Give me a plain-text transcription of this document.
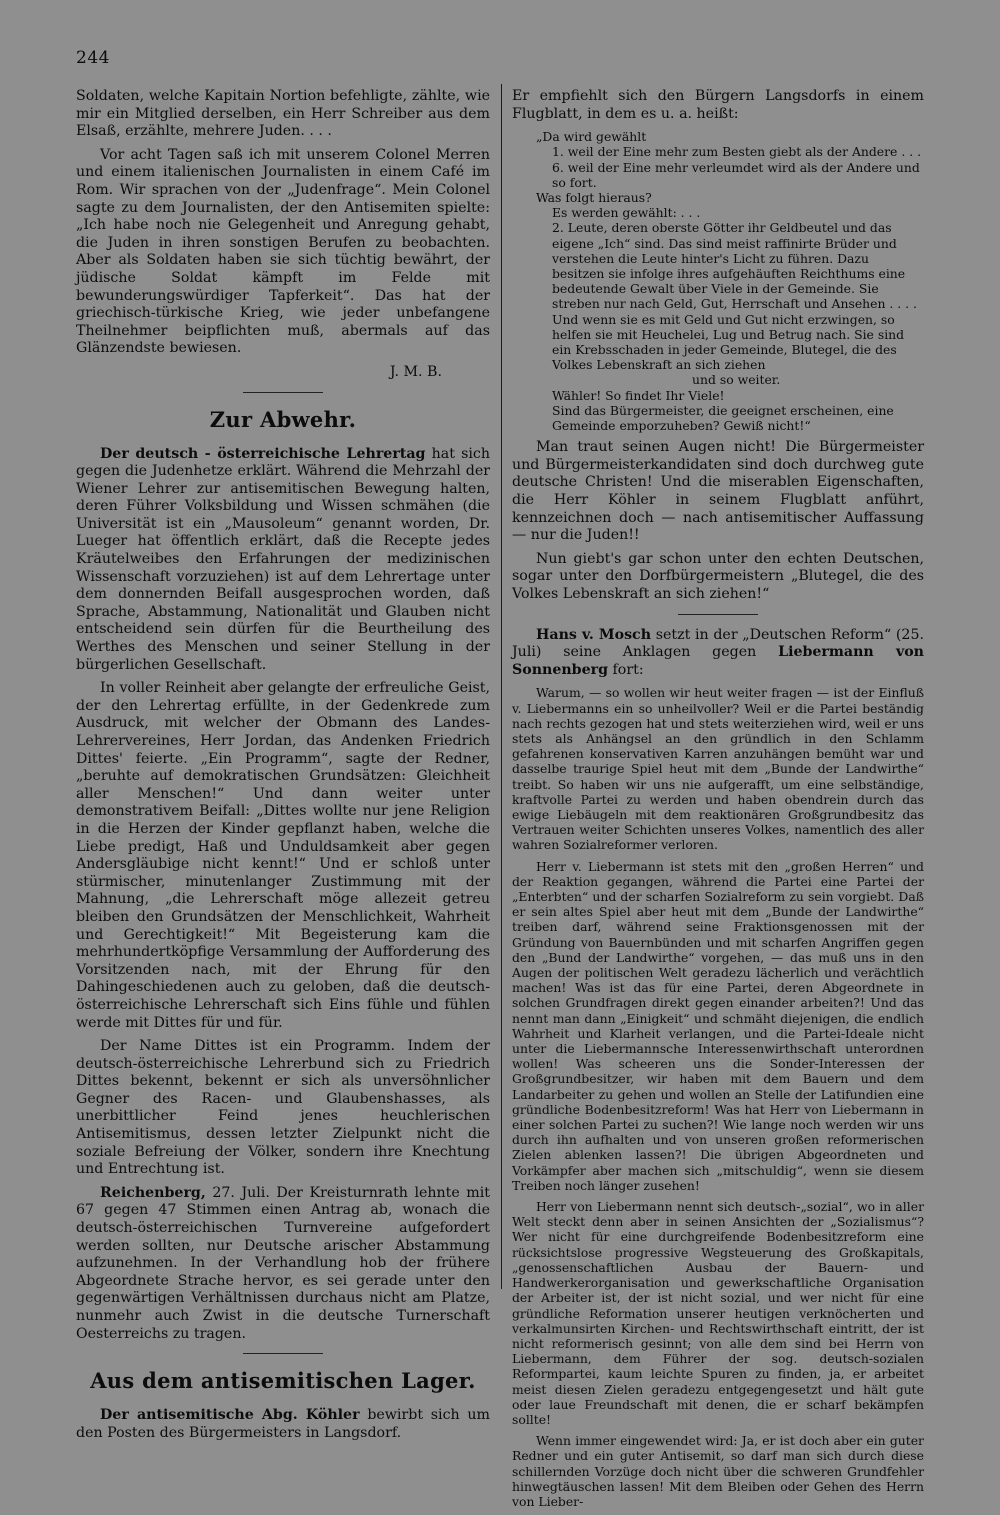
244

Soldaten, welche Kapitain Nortion befehligte, zählte, wie mir ein Mitglied derselben, ein Herr Schreiber aus dem Elsaß, erzählte, mehrere Juden. . . .

Vor acht Tagen saß ich mit unserem Colonel Merren und einem italienischen Journalisten in einem Café im Rom. Wir sprachen von der „Judenfrage“. Mein Colonel sagte zu dem Journalisten, der den Antisemiten spielte: „Ich habe noch nie Gelegenheit und Anregung gehabt, die Juden in ihren sonstigen Berufen zu beobachten. Aber als Soldaten haben sie sich tüchtig bewährt, der jüdische Soldat kämpft im Felde mit bewunderungswürdiger Tapferkeit“. Das hat der griechisch-türkische Krieg, wie jeder unbefangene Theilnehmer beipflichten muß, abermals auf das Glänzendste bewiesen.

J. M. B.

Zur Abwehr.

Der deutsch - österreichische Lehrertag hat sich gegen die Judenhetze erklärt. Während die Mehrzahl der Wiener Lehrer zur antisemitischen Bewegung halten, deren Führer Volksbildung und Wissen schmähen (die Universität ist ein „Mausoleum“ genannt worden, Dr. Lueger hat öffentlich erklärt, daß die Recepte jedes Kräutelweibes den Erfahrungen der medizinischen Wissenschaft vorzuziehen) ist auf dem Lehrertage unter dem donnernden Beifall ausgesprochen worden, daß Sprache, Abstammung, Nationalität und Glauben nicht entscheidend sein dürfen für die Beurtheilung des Werthes des Menschen und seiner Stellung in der bürgerlichen Gesellschaft.

In voller Reinheit aber gelangte der erfreuliche Geist, der den Lehrertag erfüllte, in der Gedenkrede zum Ausdruck, mit welcher der Obmann des Landes-Lehrervereines, Herr Jordan, das Andenken Friedrich Dittes' feierte. „Ein Programm“, sagte der Redner, „beruhte auf demokratischen Grundsätzen: Gleichheit aller Menschen!“ Und dann weiter unter demonstrativem Beifall: „Dittes wollte nur jene Religion in die Herzen der Kinder gepflanzt haben, welche die Liebe predigt, Haß und Unduldsamkeit aber gegen Andersgläubige nicht kennt!“ Und er schloß unter stürmischer, minutenlanger Zustimmung mit der Mahnung, „die Lehrerschaft möge allezeit getreu bleiben den Grundsätzen der Menschlichkeit, Wahrheit und Gerechtigkeit!“ Mit Begeisterung kam die mehrhundertköpfige Versammlung der Aufforderung des Vorsitzenden nach, mit der Ehrung für den Dahingeschiedenen auch zu geloben, daß die deutsch-österreichische Lehrerschaft sich Eins fühle und fühlen werde mit Dittes für und für.

Der Name Dittes ist ein Programm. Indem der deutsch-österreichische Lehrerbund sich zu Friedrich Dittes bekennt, bekennt er sich als unversöhnlicher Gegner des Racen- und Glaubenshasses, als unerbittlicher Feind jenes heuchlerischen Antisemitismus, dessen letzter Zielpunkt nicht die soziale Befreiung der Völker, sondern ihre Knechtung und Entrechtung ist.

Reichenberg, 27. Juli. Der Kreisturnrath lehnte mit 67 gegen 47 Stimmen einen Antrag ab, wonach die deutsch-österreichischen Turnvereine aufgefordert werden sollten, nur Deutsche arischer Abstammung aufzunehmen. In der Verhandlung hob der frühere Abgeordnete Strache hervor, es sei gerade unter den gegenwärtigen Verhältnissen durchaus nicht am Platze, nunmehr auch Zwist in die deutsche Turnerschaft Oesterreichs zu tragen.

Aus dem antisemitischen Lager.

Der antisemitische Abg. Köhler bewirbt sich um den Posten des Bürgermeisters in Langsdorf.

Er empfiehlt sich den Bürgern Langsdorfs in einem Flugblatt, in dem es u. a. heißt:

„Da wird gewählt

1. weil der Eine mehr zum Besten giebt als der Andere . . .

6. weil der Eine mehr verleumdet wird als der Andere und so fort.

Was folgt hieraus?

Es werden gewählt: . . .

2. Leute, deren oberste Götter ihr Geldbeutel und das eigene „Ich“ sind. Das sind meist raffinirte Brüder und verstehen die Leute hinter's Licht zu führen. Dazu besitzen sie infolge ihres aufgehäuften Reichthums eine bedeutende Gewalt über Viele in der Gemeinde. Sie streben nur nach Geld, Gut, Herrschaft und Ansehen . . . . Und wenn sie es mit Geld und Gut nicht erzwingen, so helfen sie mit Heuchelei, Lug und Betrug nach. Sie sind ein Krebsschaden in jeder Gemeinde, Blutegel, die des Volkes Lebenskraft an sich ziehen

und so weiter.

Wähler! So findet Ihr Viele!

Sind das Bürgermeister, die geeignet erscheinen, eine Gemeinde emporzuheben? Gewiß nicht!“

Man traut seinen Augen nicht! Die Bürgermeister und Bürgermeisterkandidaten sind doch durchweg gute deutsche Christen! Und die miserablen Eigenschaften, die Herr Köhler in seinem Flugblatt anführt, kennzeichnen doch — nach antisemitischer Auffassung — nur die Juden!!

Nun giebt's gar schon unter den echten Deutschen, sogar unter den Dorfbürgermeistern „Blutegel, die des Volkes Lebenskraft an sich ziehen!“

Hans v. Mosch setzt in der „Deutschen Reform“ (25. Juli) seine Anklagen gegen Liebermann von Sonnenberg fort:

Warum, — so wollen wir heut weiter fragen — ist der Einfluß v. Liebermanns ein so unheilvoller? Weil er die Partei beständig nach rechts gezogen hat und stets weiterziehen wird, weil er uns stets als Anhängsel an den gründlich in den Schlamm gefahrenen konservativen Karren anzuhängen bemüht war und dasselbe traurige Spiel heut mit dem „Bunde der Landwirthe“ treibt. So haben wir uns nie aufgerafft, um eine selbständige, kraftvolle Partei zu werden und haben obendrein durch das ewige Liebäugeln mit dem reaktionären Großgrundbesitz das Vertrauen weiter Schichten unseres Volkes, namentlich des aller wahren Sozialreformer verloren.

Herr v. Liebermann ist stets mit den „großen Herren“ und der Reaktion gegangen, während die Partei eine Partei der „Enterbten“ und der scharfen Sozialreform zu sein vorgiebt. Daß er sein altes Spiel aber heut mit dem „Bunde der Landwirthe“ treiben darf, während seine Fraktionsgenossen mit der Gründung von Bauernbünden und mit scharfen Angriffen gegen den „Bund der Landwirthe“ vorgehen, — das muß uns in den Augen der politischen Welt geradezu lächerlich und verächtlich machen! Was ist das für eine Partei, deren Abgeordnete in solchen Grundfragen direkt gegen einander arbeiten?! Und das nennt man dann „Einigkeit“ und schmäht diejenigen, die endlich Wahrheit und Klarheit verlangen, und die Partei-Ideale nicht unter die Liebermannsche Interessenwirthschaft unterordnen wollen! Was scheeren uns die Sonder-Interessen der Großgrundbesitzer, wir haben mit dem Bauern und dem Landarbeiter zu gehen und wollen an Stelle der Latifundien eine gründliche Bodenbesitzreform! Was hat Herr von Liebermann in einer solchen Partei zu suchen?! Wie lange noch werden wir uns durch ihn aufhalten und von unseren großen reformerischen Zielen ablenken lassen?! Die übrigen Abgeordneten und Vorkämpfer aber machen sich „mitschuldig“, wenn sie diesem Treiben noch länger zusehen!

Herr von Liebermann nennt sich deutsch-„sozial“, wo in aller Welt steckt denn aber in seinen Ansichten der „Sozialismus“? Wer nicht für eine durchgreifende Bodenbesitzreform eine rücksichtslose progressive Wegsteuerung des Großkapitals, „genossenschaftlichen Ausbau der Bauern- und Handwerkerorganisation und gewerkschaftliche Organisation der Arbeiter ist, der ist nicht sozial, und wer nicht für eine gründliche Reformation unserer heutigen verknöcherten und verkalmunsirten Kirchen- und Rechtswirthschaft eintritt, der ist nicht reformerisch gesinnt; von alle dem sind bei Herrn von Liebermann, dem Führer der sog. deutsch-sozialen Reformpartei, kaum leichte Spuren zu finden, ja, er arbeitet meist diesen Zielen geradezu entgegengesetzt und hält gute oder laue Freundschaft mit denen, die er scharf bekämpfen sollte!

Wenn immer eingewendet wird: Ja, er ist doch aber ein guter Redner und ein guter Antisemit, so darf man sich durch diese schillernden Vorzüge doch nicht über die schweren Grundfehler hinwegtäuschen lassen! Mit dem Bleiben oder Gehen des Herrn von Lieber-
